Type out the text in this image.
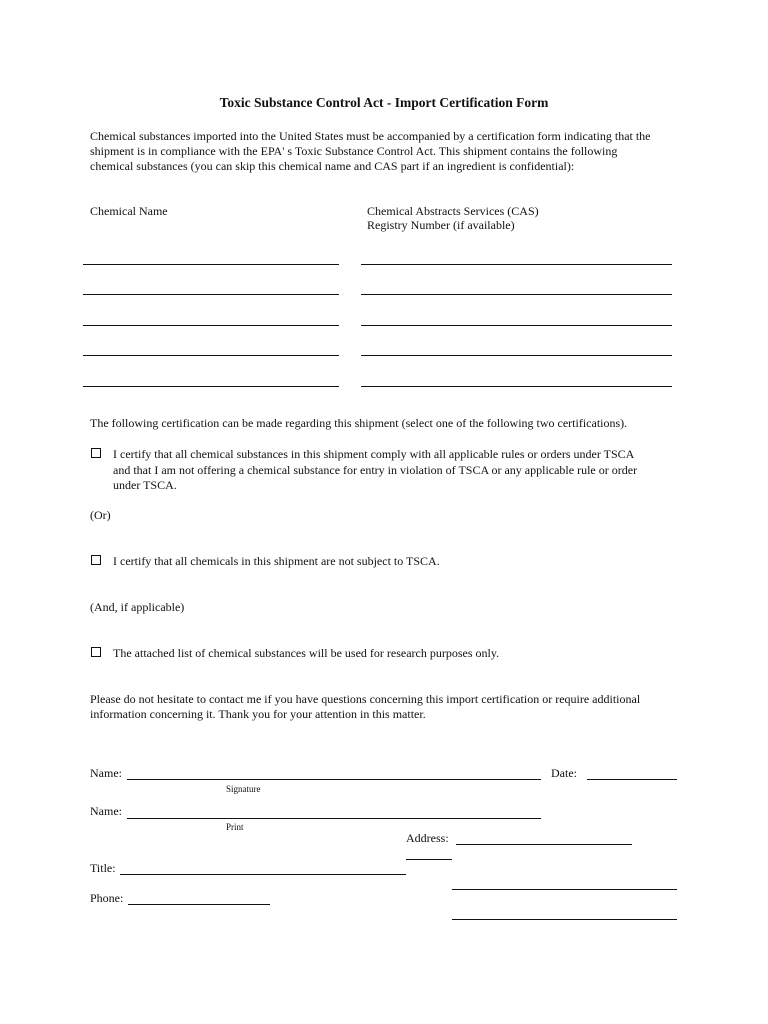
Toxic Substance Control Act - Import Certification Form
Chemical substances imported into the United States must be accompanied by a certification form indicating that the
shipment is in compliance with the EPA' s Toxic Substance Control Act. This shipment contains the following
chemical substances (you can skip this chemical name and CAS part if an ingredient is confidential):
Chemical Name	Chemical Abstracts Services (CAS)
Registry Number (if available)
The following certification can be made regarding this shipment (select one of the following two certifications).
I certify that all chemical substances in this shipment comply with all applicable rules or orders under TSCA
and that I am not offering a chemical substance for entry in violation of TSCA or any applicable rule or order
under TSCA.
(Or)
I certify that all chemicals in this shipment are not subject to TSCA.
(And, if applicable)
The attached list of chemical substances will be used for research purposes only.
Please do not hesitate to contact me if you have questions concerning this import certification or require additional
information concerning it. Thank you for your attention in this matter.
Name:
Signature
Date:
Name:
Print
Address:
Title:
Phone:
